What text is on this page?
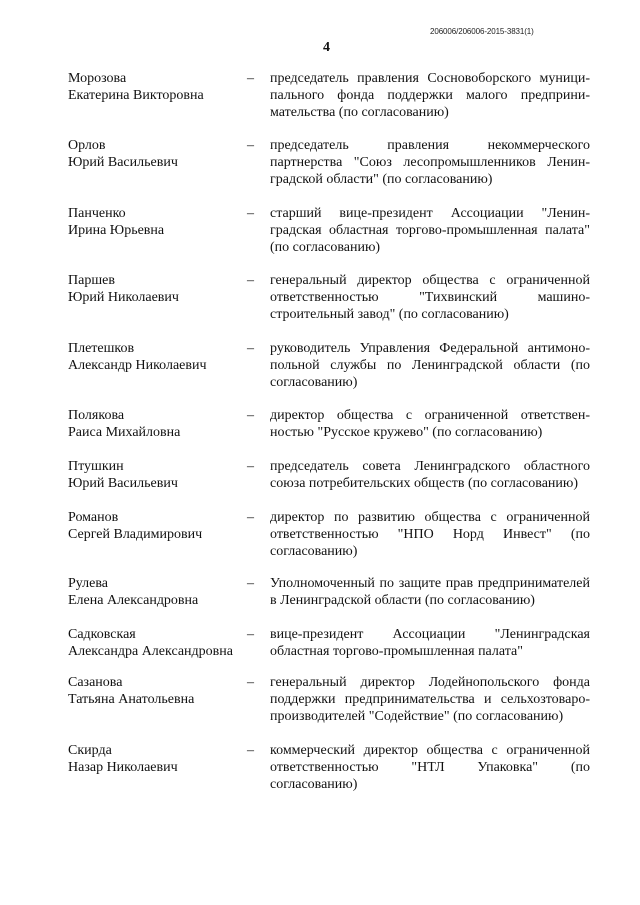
206006/206006-2015-3831(1)
4
Морозова
Екатерина Викторовна
– председатель правления Сосновоборского муниципального фонда поддержки малого предпринимательства (по согласованию)
Орлов
Юрий Васильевич
– председатель правления некоммерческого партнерства "Союз лесопромышленников Ленинградской области" (по согласованию)
Панченко
Ирина Юрьевна
– старший вице-президент Ассоциации "Ленинградская областная торгово-промышленная палата" (по согласованию)
Паршев
Юрий Николаевич
– генеральный директор общества с ограниченной ответственностью "Тихвинский машиностроительный завод" (по согласованию)
Плетешков
Александр Николаевич
– руководитель Управления Федеральной антимонопольной службы по Ленинградской области (по согласованию)
Полякова
Раиса Михайловна
– директор общества с ограниченной ответственностью "Русское кружево" (по согласованию)
Птушкин
Юрий Васильевич
– председатель совета Ленинградского областного союза потребительских обществ (по согласованию)
Романов
Сергей Владимирович
– директор по развитию общества с ограниченной ответственностью "НПО Норд Инвест" (по согласованию)
Рулева
Елена Александровна
– Уполномоченный по защите прав предпринимателей в Ленинградской области (по согласованию)
Садковская
Александра Александровна
– вице-президент Ассоциации "Ленинградская областная торгово-промышленная палата"
Сазанова
Татьяна Анатольевна
– генеральный директор Лодейнопольского фонда поддержки предпринимательства и сельхозтоваропроизводителей "Содействие" (по согласованию)
Скирда
Назар Николаевич
– коммерческий директор общества с ограниченной ответственностью "НТЛ Упаковка" (по согласованию)
